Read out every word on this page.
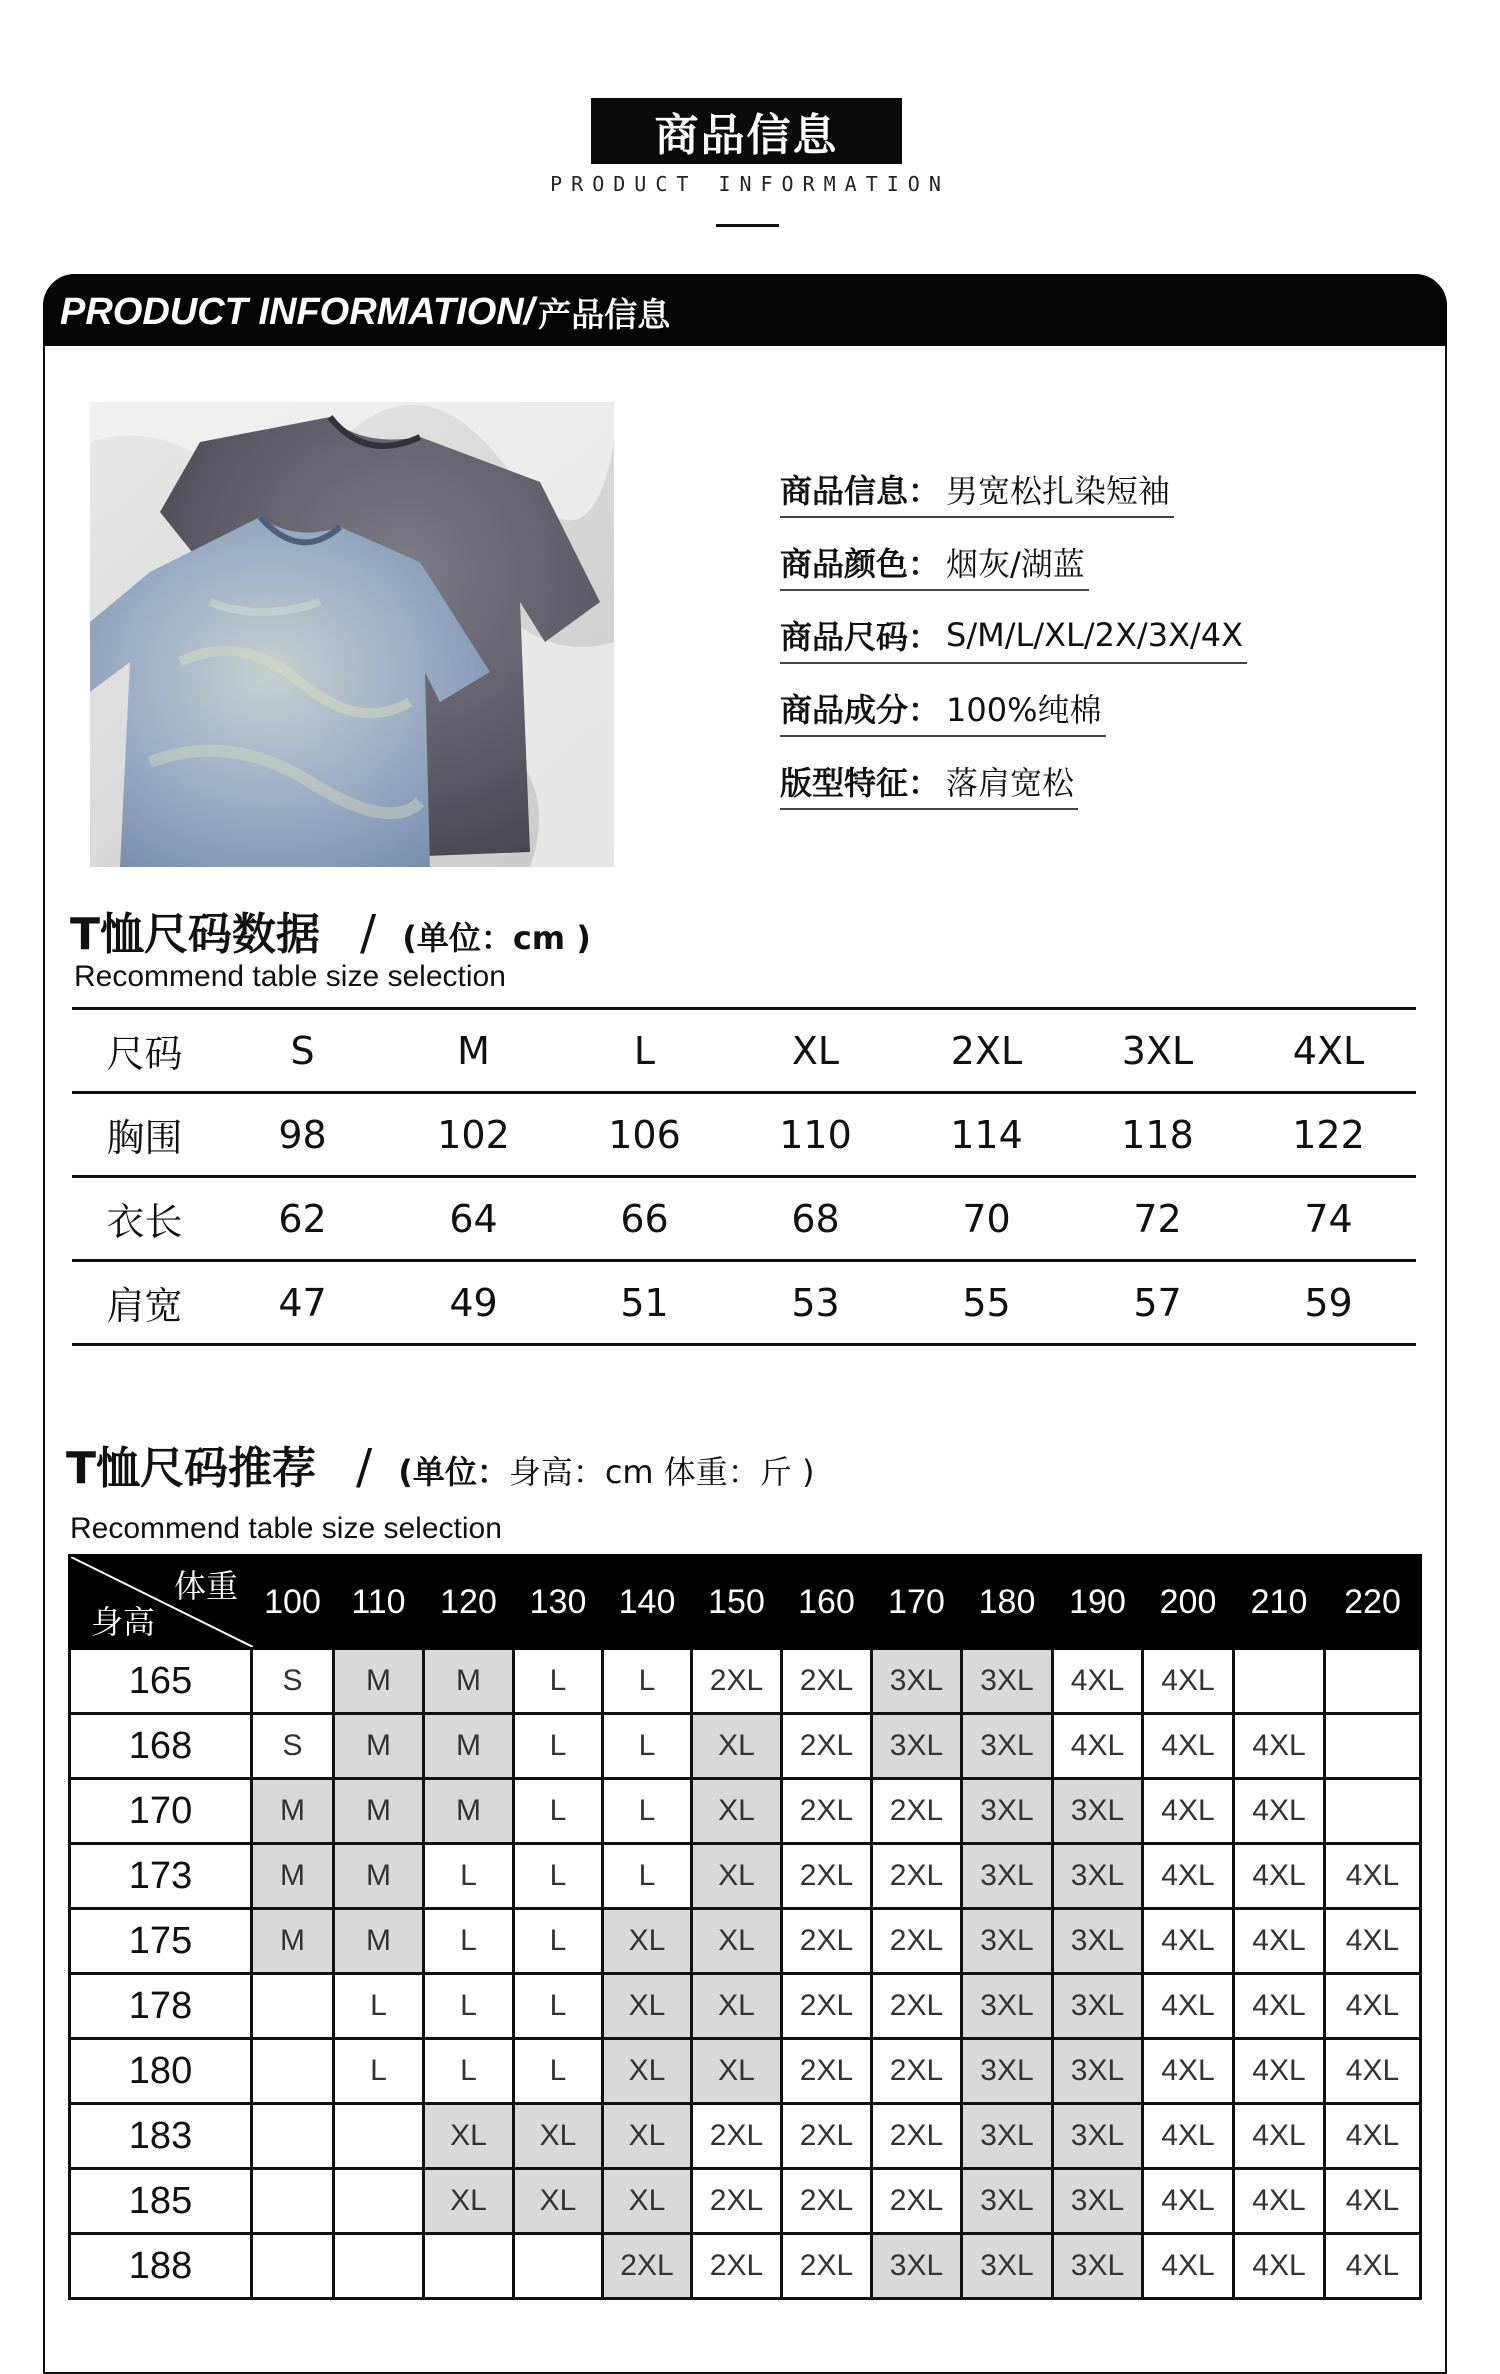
商品信息
PRODUCT INFORMATION
PRODUCT INFORMATION/ 产品信息
商品信息： 男宽松扎染短袖
商品颜色： 烟灰/湖蓝
商品尺码： S/M/L/XL/2X/3X/4X
商品成分： 100%纯棉
版型特征： 落肩宽松
T恤尺码数据 / (单位：cm )
Recommend table size selection
尺码	S	M	L	XL	2XL	3XL	4XL
胸围	98	102	106	110	114	118	122
衣长	62	64	66	68	70	72	74
肩宽	47	49	51	53	55	57	59
T恤尺码推荐 / (单位：身高：cm 体重：斤 )
Recommend table size selection
体重
身高	100	110	120	130	140	150	160	170	180	190	200	210	220
165	S	M	M	L	L	2XL	2XL	3XL	3XL	4XL	4XL		
168	S	M	M	L	L	XL	2XL	3XL	3XL	4XL	4XL	4XL	
170	M	M	M	L	L	XL	2XL	2XL	3XL	3XL	4XL	4XL	
173	M	M	L	L	L	XL	2XL	2XL	3XL	3XL	4XL	4XL	4XL
175	M	M	L	L	XL	XL	2XL	2XL	3XL	3XL	4XL	4XL	4XL
178		L	L	L	XL	XL	2XL	2XL	3XL	3XL	4XL	4XL	4XL
180		L	L	L	XL	XL	2XL	2XL	3XL	3XL	4XL	4XL	4XL
183			XL	XL	XL	2XL	2XL	2XL	3XL	3XL	4XL	4XL	4XL
185			XL	XL	XL	2XL	2XL	2XL	3XL	3XL	4XL	4XL	4XL
188					2XL	2XL	2XL	3XL	3XL	3XL	4XL	4XL	4XL
